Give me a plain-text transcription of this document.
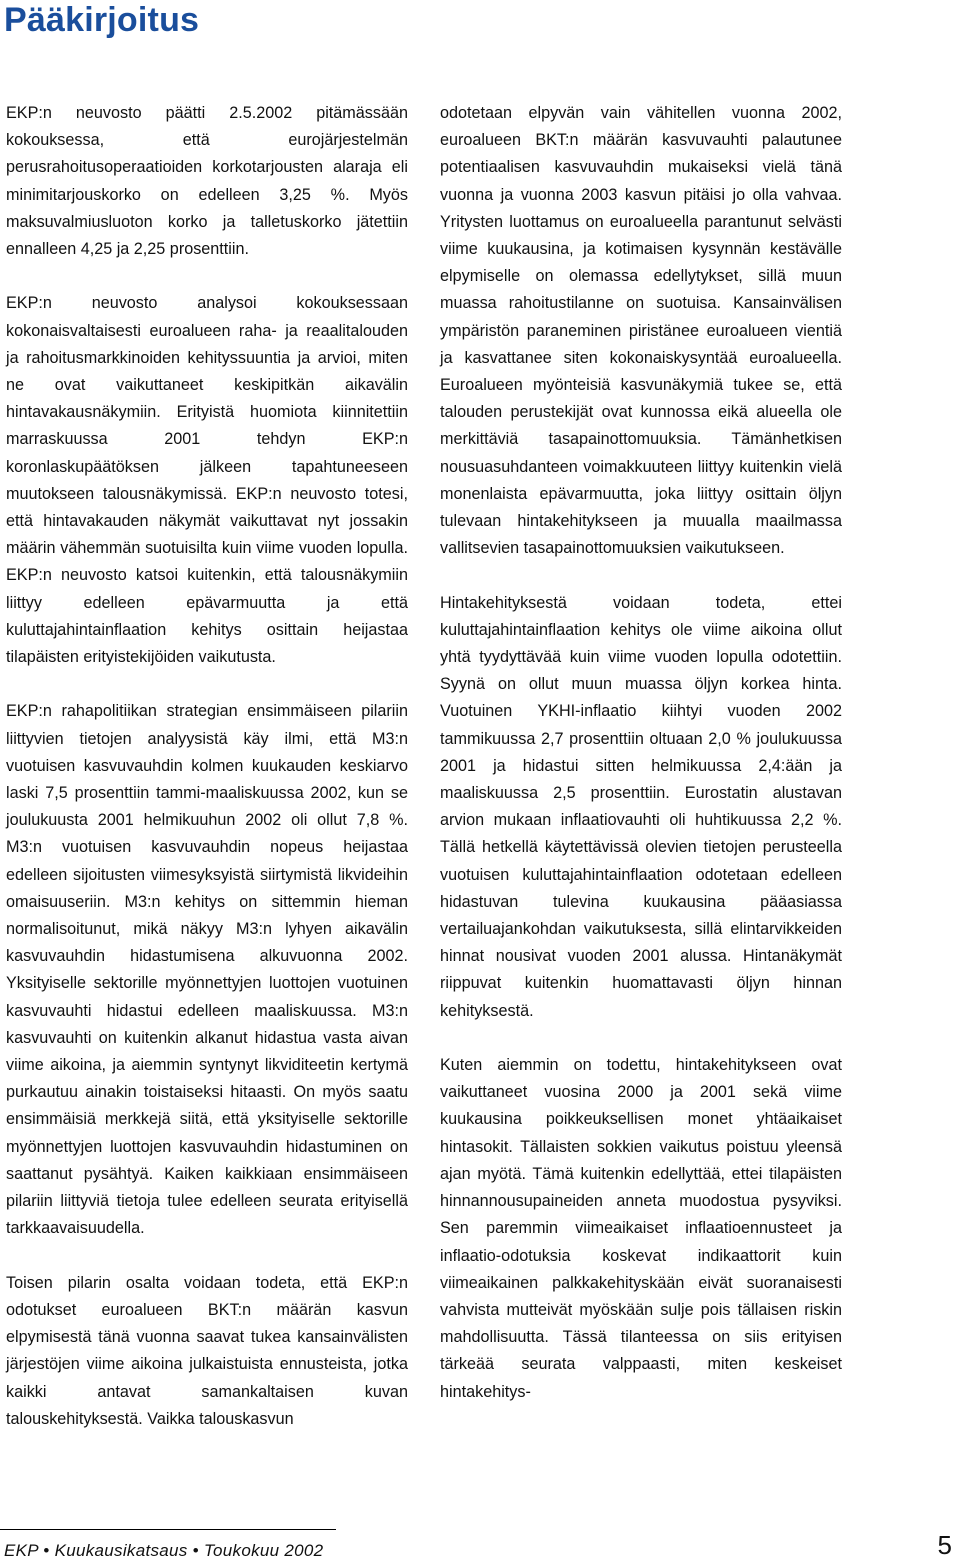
Pääkirjoitus

EKP:n neuvosto päätti 2.5.2002 pitämässään kokouksessa, että eurojärjestelmän perusrahoitusoperaatioiden korkotarjousten alaraja eli minimitarjouskorko on edelleen 3,25 %. Myös maksuvalmiusluoton korko ja talletuskorko jätettiin ennalleen 4,25 ja 2,25 prosenttiin.

EKP:n neuvosto analysoi kokouksessaan kokonaisvaltaisesti euroalueen raha- ja reaalitalouden ja rahoitusmarkkinoiden kehityssuuntia ja arvioi, miten ne ovat vaikuttaneet keskipitkän aikavälin hintavakausnäkymiin. Erityistä huomiota kiinnitettiin marraskuussa 2001 tehdyn EKP:n koronlaskupäätöksen jälkeen tapahtuneeseen muutokseen talousnäkymissä. EKP:n neuvosto totesi, että hintavakauden näkymät vaikuttavat nyt jossakin määrin vähemmän suotuisilta kuin viime vuoden lopulla. EKP:n neuvosto katsoi kuitenkin, että talousnäkymiin liittyy edelleen epävarmuutta ja että kuluttajahintainflaation kehitys osittain heijastaa tilapäisten erityistekijöiden vaikutusta.

EKP:n rahapolitiikan strategian ensimmäiseen pilariin liittyvien tietojen analyysistä käy ilmi, että M3:n vuotuisen kasvuvauhdin kolmen kuukauden keskiarvo laski 7,5 prosenttiin tammi-maaliskuussa 2002, kun se joulukuusta 2001 helmikuuhun 2002 oli ollut 7,8 %. M3:n vuotuisen kasvuvauhdin nopeus heijastaa edelleen sijoitusten viimesyksyistä siirtymistä likvideihin omaisuuseriin. M3:n kehitys on sittemmin hieman normalisoitunut, mikä näkyy M3:n lyhyen aikavälin kasvuvauhdin hidastumisena alkuvuonna 2002. Yksityiselle sektorille myönnettyjen luottojen vuotuinen kasvuvauhti hidastui edelleen maaliskuussa. M3:n kasvuvauhti on kuitenkin alkanut hidastua vasta aivan viime aikoina, ja aiemmin syntynyt likviditeetin kertymä purkautuu ainakin toistaiseksi hitaasti. On myös saatu ensimmäisiä merkkejä siitä, että yksityiselle sektorille myönnettyjen luottojen kasvuvauhdin hidastuminen on saattanut pysähtyä. Kaiken kaikkiaan ensimmäiseen pilariin liittyviä tietoja tulee edelleen seurata erityisellä tarkkaavaisuudella.

Toisen pilarin osalta voidaan todeta, että EKP:n odotukset euroalueen BKT:n määrän kasvun elpymisestä tänä vuonna saavat tukea kansainvälisten järjestöjen viime aikoina julkaistuista ennusteista, jotka kaikki antavat samankaltaisen kuvan talouskehityksestä. Vaikka talouskasvun

odotetaan elpyvän vain vähitellen vuonna 2002, euroalueen BKT:n määrän kasvuvauhti palautunee potentiaalisen kasvuvauhdin mukaiseksi vielä tänä vuonna ja vuonna 2003 kasvun pitäisi jo olla vahvaa. Yritysten luottamus on euroalueella parantunut selvästi viime kuukausina, ja kotimaisen kysynnän kestävälle elpymiselle on olemassa edellytykset, sillä muun muassa rahoitustilanne on suotuisa. Kansainvälisen ympäristön paraneminen piristänee euroalueen vientiä ja kasvattanee siten kokonaiskysyntää euroalueella. Euroalueen myönteisiä kasvunäkymiä tukee se, että talouden perustekijät ovat kunnossa eikä alueella ole merkittäviä tasapainottomuuksia. Tämänhetkisen nousuasuhdanteen voimakkuuteen liittyy kuitenkin vielä monenlaista epävarmuutta, joka liittyy osittain öljyn tulevaan hintakehitykseen ja muualla maailmassa vallitsevien tasapainottomuuksien vaikutukseen.

Hintakehityksestä voidaan todeta, ettei kuluttajahintainflaation kehitys ole viime aikoina ollut yhtä tyydyttävää kuin viime vuoden lopulla odotettiin. Syynä on ollut muun muassa öljyn korkea hinta. Vuotuinen YKHI-inflaatio kiihtyi vuoden 2002 tammikuussa 2,7 prosenttiin oltuaan 2,0 % joulukuussa 2001 ja hidastui sitten helmikuussa 2,4:ään ja maaliskuussa 2,5 prosenttiin. Eurostatin alustavan arvion mukaan inflaatiovauhti oli huhtikuussa 2,2 %. Tällä hetkellä käytettävissä olevien tietojen perusteella vuotuisen kuluttajahintainflaation odotetaan edelleen hidastuvan tulevina kuukausina pääasiassa vertailuajankohdan vaikutuksesta, sillä elintarvikkeiden hinnat nousivat vuoden 2001 alussa. Hintanäkymät riippuvat kuitenkin huomattavasti öljyn hinnan kehityksestä.

Kuten aiemmin on todettu, hintakehitykseen ovat vaikuttaneet vuosina 2000 ja 2001 sekä viime kuukausina poikkeuksellisen monet yhtäaikaiset hintasokit. Tällaisten sokkien vaikutus poistuu yleensä ajan myötä. Tämä kuitenkin edellyttää, ettei tilapäisten hinnannousupaineiden anneta muodostua pysyviksi. Sen paremmin viimeaikaiset inflaatioennusteet ja inflaatio-odotuksia koskevat indikaattorit kuin viimeaikainen palkkakehityskään eivät suoranaisesti vahvista mutteivät myöskään sulje pois tällaisen riskin mahdollisuutta. Tässä tilanteessa on siis erityisen tärkeää seurata valppaasti, miten keskeiset hintakehitys-

EKP • Kuukausikatsaus • Toukokuu 2002	5
